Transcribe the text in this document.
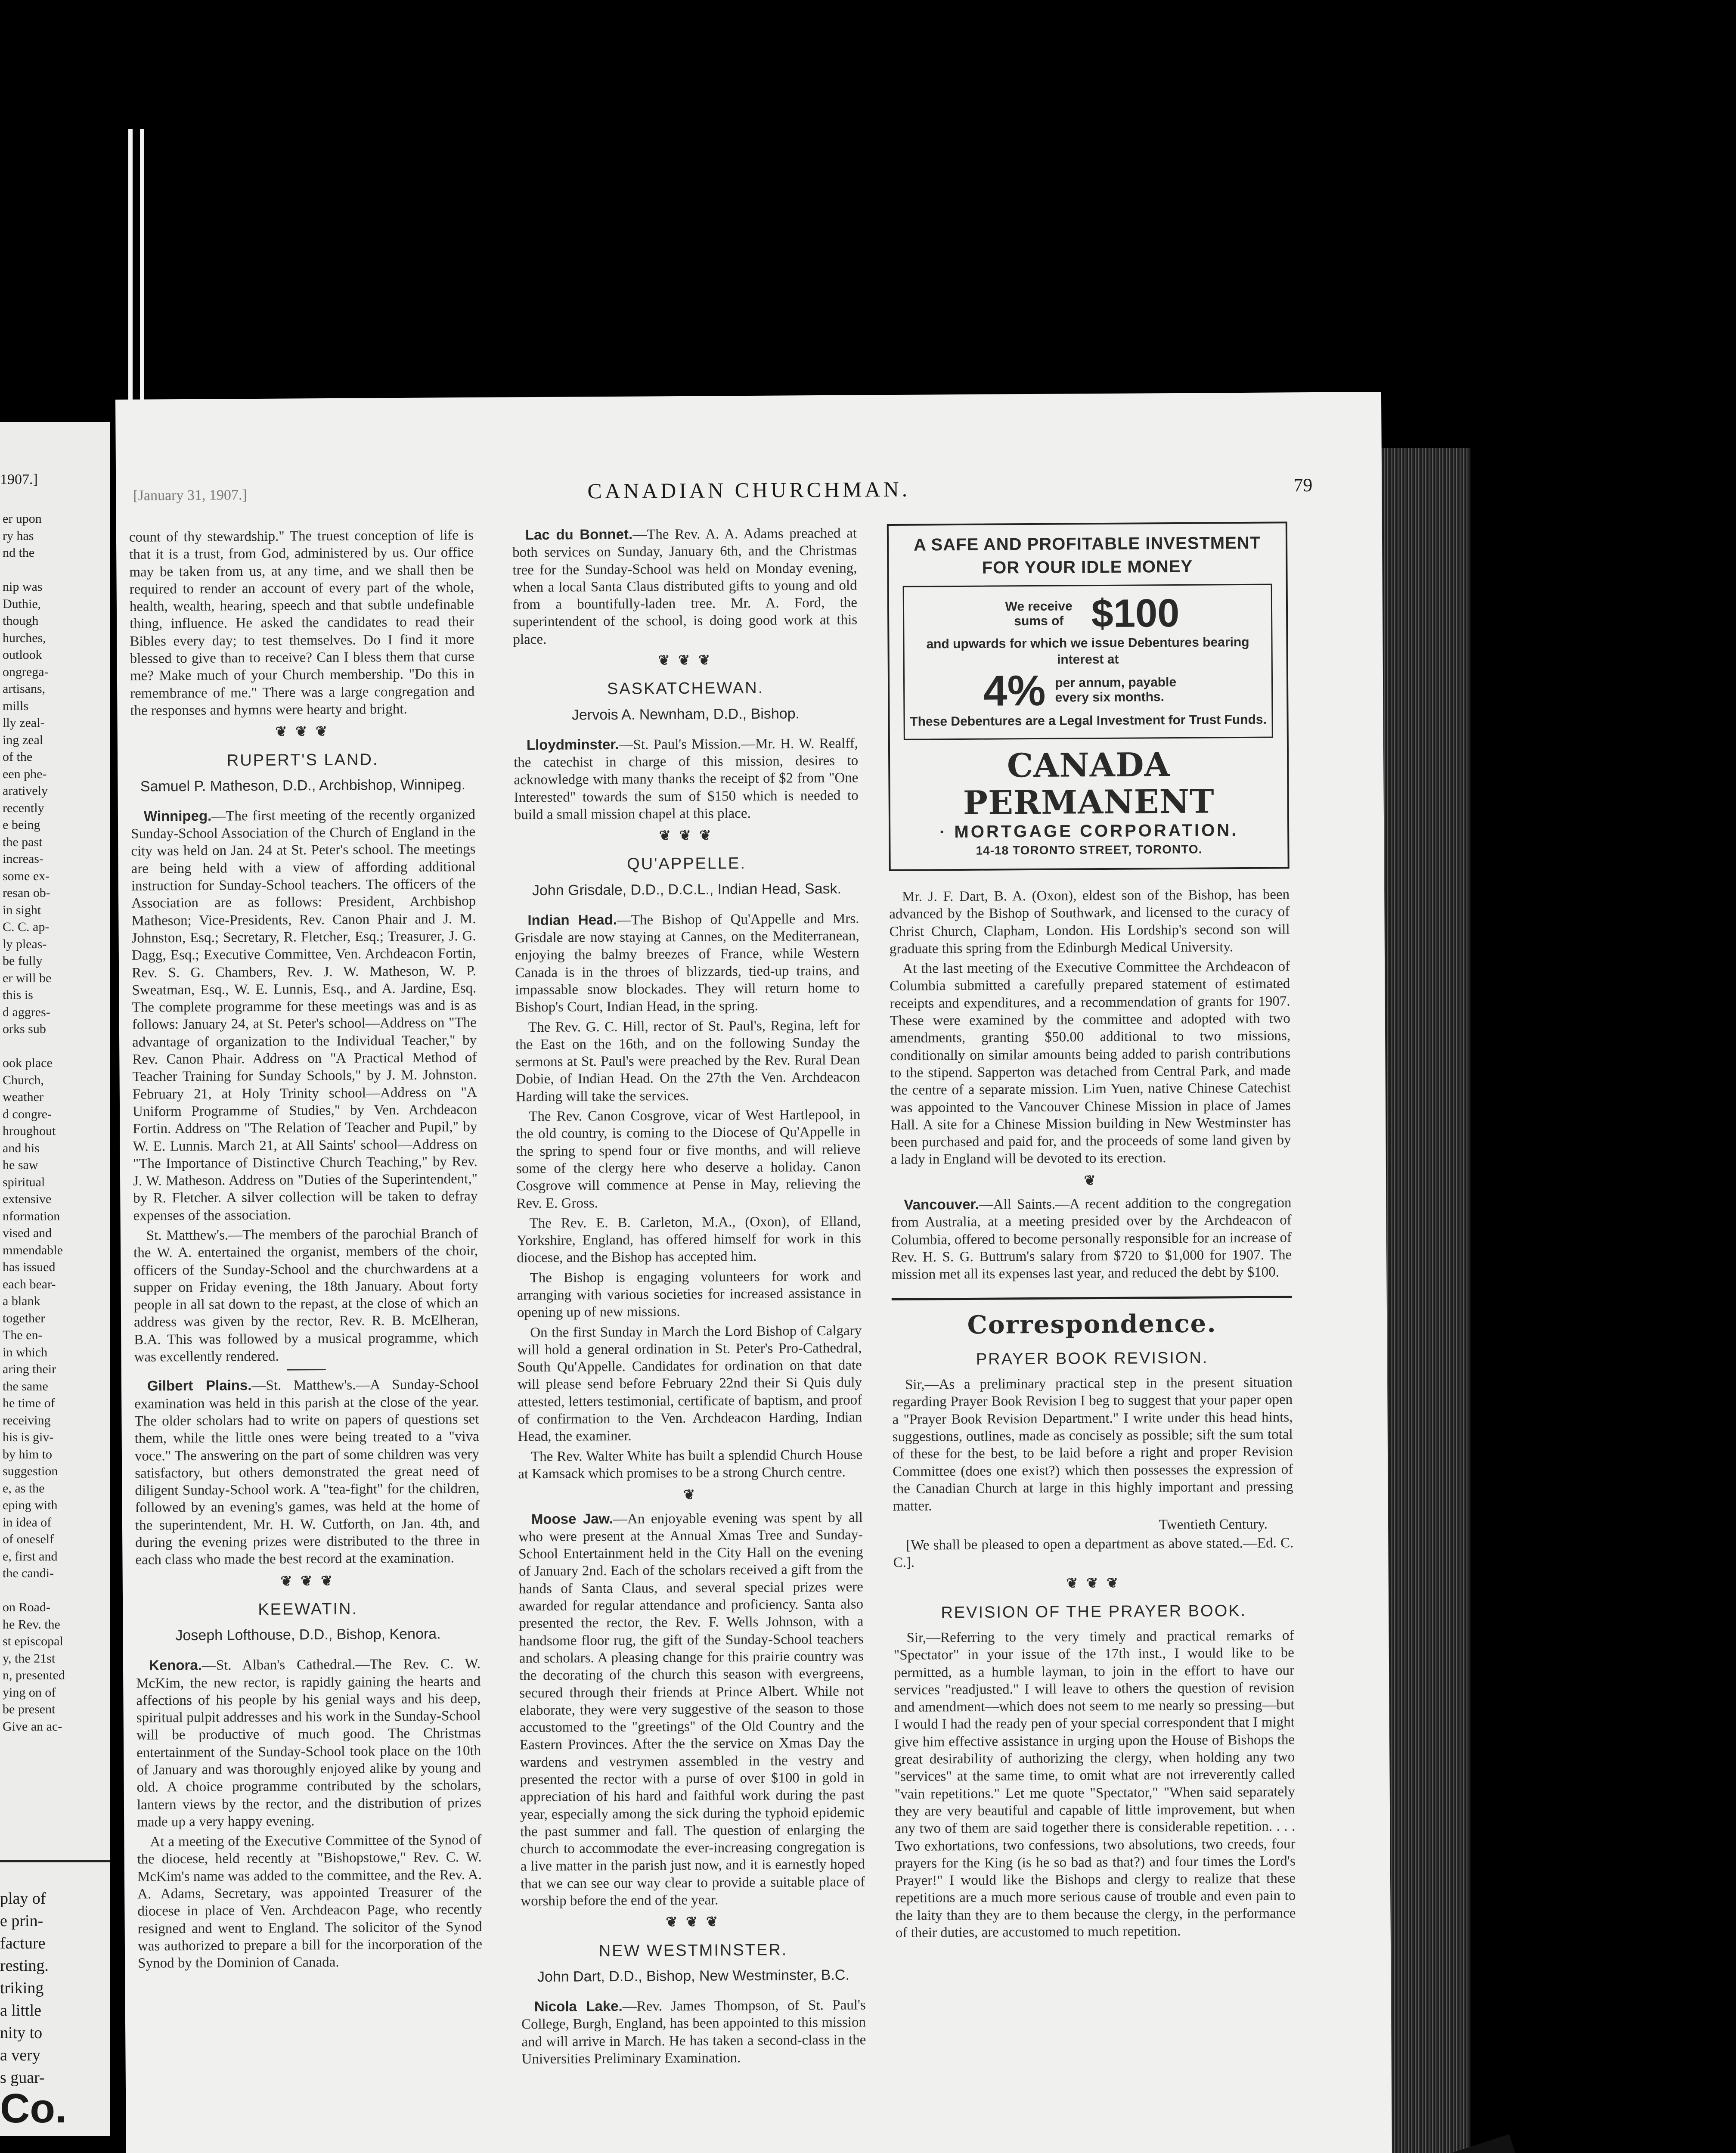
1907.]
er upon
ry has
nd the
nip was
Duthie,
though
hurches,
outlook
ongrega-
artisans,
mills
lly zeal-
ing zeal
of the
een phe-
aratively
recently
e being
the past
increas-
some ex-
resan ob-
in sight
C. C. ap-
ly pleas-
be fully
er will be
this is
d aggres-
orks sub
ook place
Church,
weather
d congre-
hroughout
and his
he saw
spiritual
extensive
nformation
vised and
mmendable
has issued
each bear-
a blank
together
The en-
in which
aring their
the same
he time of
receiving
his is giv-
by him to
suggestion
e, as the
eping with
in idea of
of oneself
e, first and
the candi-
on Road-
he Rev. the
st episcopal
y, the 21st
n, presented
ying on of
be present
Give an ac-
play of
e prin-
facture
resting.
triking
a little
nity to
a very
s guar-
Co.
[January 31, 1907.]	CANADIAN CHURCHMAN.	79

count of thy stewardship." The truest conception of life is that it is a trust, from God, administered by us. Our office may be taken from us, at any time, and we shall then be required to render an account of every part of the whole, health, wealth, hearing, speech and that subtle undefinable thing, influence. He asked the candidates to read their Bibles every day; to test themselves. Do I find it more blessed to give than to receive? Can I bless them that curse me? Make much of your Church membership. "Do this in remembrance of me." There was a large congregation and the responses and hymns were hearty and bright.

❦ ❦ ❦
RUPERT'S LAND.
Samuel P. Matheson, D.D., Archbishop, Winnipeg.

Winnipeg.—The first meeting of the recently organized Sunday-School Association of the Church of England in the city was held on Jan. 24 at St. Peter's school. The meetings are being held with a view of affording additional instruction for Sunday-School teachers. The officers of the Association are as follows: President, Archbishop Matheson; Vice-Presidents, Rev. Canon Phair and J. M. Johnston, Esq.; Secretary, R. Fletcher, Esq.; Treasurer, J. G. Dagg, Esq.; Executive Committee, Ven. Archdeacon Fortin, Rev. S. G. Chambers, Rev. J. W. Matheson, W. P. Sweatman, Esq., W. E. Lunnis, Esq., and A. Jardine, Esq. The complete programme for these meetings was and is as follows: January 24, at St. Peter's school—Address on "The advantage of organization to the Individual Teacher," by Rev. Canon Phair. Address on "A Practical Method of Teacher Training for Sunday Schools," by J. M. Johnston. February 21, at Holy Trinity school—Address on "A Uniform Programme of Studies," by Ven. Archdeacon Fortin. Address on "The Relation of Teacher and Pupil," by W. E. Lunnis. March 21, at All Saints' school—Address on "The Importance of Distinctive Church Teaching," by Rev. J. W. Matheson. Address on "Duties of the Superintendent," by R. Fletcher. A silver collection will be taken to defray expenses of the association.

St. Matthew's.—The members of the parochial Branch of the W. A. entertained the organist, members of the choir, officers of the Sunday-School and the churchwardens at a supper on Friday evening, the 18th January. About forty people in all sat down to the repast, at the close of which an address was given by the rector, Rev. R. B. McElheran, B.A. This was followed by a musical programme, which was excellently rendered.

Gilbert Plains.—St. Matthew's.—A Sunday-School examination was held in this parish at the close of the year. The older scholars had to write on papers of questions set them, while the little ones were being treated to a "viva voce." The answering on the part of some children was very satisfactory, but others demonstrated the great need of diligent Sunday-School work. A "tea-fight" for the children, followed by an evening's games, was held at the home of the superintendent, Mr. H. W. Cutforth, on Jan. 4th, and during the evening prizes were distributed to the three in each class who made the best record at the examination.

❦ ❦ ❦
KEEWATIN.
Joseph Lofthouse, D.D., Bishop, Kenora.

Kenora.—St. Alban's Cathedral.—The Rev. C. W. McKim, the new rector, is rapidly gaining the hearts and affections of his people by his genial ways and his deep, spiritual pulpit addresses and his work in the Sunday-School will be productive of much good. The Christmas entertainment of the Sunday-School took place on the 10th of January and was thoroughly enjoyed alike by young and old. A choice programme contributed by the scholars, lantern views by the rector, and the distribution of prizes made up a very happy evening.

At a meeting of the Executive Committee of the Synod of the diocese, held recently at "Bishopstowe," Rev. C. W. McKim's name was added to the committee, and the Rev. A. A. Adams, Secretary, was appointed Treasurer of the diocese in place of Ven. Archdeacon Page, who recently resigned and went to England. The solicitor of the Synod was authorized to prepare a bill for the incorporation of the Synod by the Dominion of Canada.

Lac du Bonnet.—The Rev. A. A. Adams preached at both services on Sunday, January 6th, and the Christmas tree for the Sunday-School was held on Monday evening, when a local Santa Claus distributed gifts to young and old from a bountifully-laden tree. Mr. A. Ford, the superintendent of the school, is doing good work at this place.

❦ ❦ ❦
SASKATCHEWAN.
Jervois A. Newnham, D.D., Bishop.

Lloydminster.—St. Paul's Mission.—Mr. H. W. Realff, the catechist in charge of this mission, desires to acknowledge with many thanks the receipt of $2 from "One Interested" towards the sum of $150 which is needed to build a small mission chapel at this place.

❦ ❦ ❦
QU'APPELLE.
John Grisdale, D.D., D.C.L., Indian Head, Sask.

Indian Head.—The Bishop of Qu'Appelle and Mrs. Grisdale are now staying at Cannes, on the Mediterranean, enjoying the balmy breezes of France, while Western Canada is in the throes of blizzards, tied-up trains, and impassable snow blockades. They will return home to Bishop's Court, Indian Head, in the spring.

The Rev. G. C. Hill, rector of St. Paul's, Regina, left for the East on the 16th, and on the following Sunday the sermons at St. Paul's were preached by the Rev. Rural Dean Dobie, of Indian Head. On the 27th the Ven. Archdeacon Harding will take the services.

The Rev. Canon Cosgrove, vicar of West Hartlepool, in the old country, is coming to the Diocese of Qu'Appelle in the spring to spend four or five months, and will relieve some of the clergy here who deserve a holiday. Canon Cosgrove will commence at Pense in May, relieving the Rev. E. Gross.

The Rev. E. B. Carleton, M.A., (Oxon), of Elland, Yorkshire, England, has offered himself for work in this diocese, and the Bishop has accepted him.

The Bishop is engaging volunteers for work and arranging with various societies for increased assistance in opening up of new missions.

On the first Sunday in March the Lord Bishop of Calgary will hold a general ordination in St. Peter's Pro-Cathedral, South Qu'Appelle. Candidates for ordination on that date will please send before February 22nd their Si Quis duly attested, letters testimonial, certificate of baptism, and proof of confirmation to the Ven. Archdeacon Harding, Indian Head, the examiner.

The Rev. Walter White has built a splendid Church House at Kamsack which promises to be a strong Church centre.

❦

Moose Jaw.—An enjoyable evening was spent by all who were present at the Annual Xmas Tree and Sunday-School Entertainment held in the City Hall on the evening of January 2nd. Each of the scholars received a gift from the hands of Santa Claus, and several special prizes were awarded for regular attendance and proficiency. Santa also presented the rector, the Rev. F. Wells Johnson, with a handsome floor rug, the gift of the Sunday-School teachers and scholars. A pleasing change for this prairie country was the decorating of the church this season with evergreens, secured through their friends at Prince Albert. While not elaborate, they were very suggestive of the season to those accustomed to the "greetings" of the Old Country and the Eastern Provinces. After the the service on Xmas Day the wardens and vestrymen assembled in the vestry and presented the rector with a purse of over $100 in gold in appreciation of his hard and faithful work during the past year, especially among the sick during the typhoid epidemic the past summer and fall. The question of enlarging the church to accommodate the ever-increasing congregation is a live matter in the parish just now, and it is earnestly hoped that we can see our way clear to provide a suitable place of worship before the end of the year.

❦ ❦ ❦
NEW WESTMINSTER.
John Dart, D.D., Bishop, New Westminster, B.C.

Nicola Lake.—Rev. James Thompson, of St. Paul's College, Burgh, England, has been appointed to this mission and will arrive in March. He has taken a second-class in the Universities Preliminary Examination.

A SAFE AND PROFITABLE INVESTMENT FOR YOUR IDLE MONEY
We receive sums of $100
and upwards for which we issue Debentures bearing interest at
4% per annum, payable every six months.
These Debentures are a Legal Investment for Trust Funds.
CANADA PERMANENT
· MORTGAGE CORPORATION.
14-18 TORONTO STREET, TORONTO.

Mr. J. F. Dart, B. A. (Oxon), eldest son of the Bishop, has been advanced by the Bishop of Southwark, and licensed to the curacy of Christ Church, Clapham, London. His Lordship's second son will graduate this spring from the Edinburgh Medical University.

At the last meeting of the Executive Committee the Archdeacon of Columbia submitted a carefully prepared statement of estimated receipts and expenditures, and a recommendation of grants for 1907. These were examined by the committee and adopted with two amendments, granting $50.00 additional to two missions, conditionally on similar amounts being added to parish contributions to the stipend. Sapperton was detached from Central Park, and made the centre of a separate mission. Lim Yuen, native Chinese Catechist was appointed to the Vancouver Chinese Mission in place of James Hall. A site for a Chinese Mission building in New Westminster has been purchased and paid for, and the proceeds of some land given by a lady in England will be devoted to its erection.

❦

Vancouver.—All Saints.—A recent addition to the congregation from Australia, at a meeting presided over by the Archdeacon of Columbia, offered to become personally responsible for an increase of Rev. H. S. G. Buttrum's salary from $720 to $1,000 for 1907. The mission met all its expenses last year, and reduced the debt by $100.

Correspondence.
PRAYER BOOK REVISION.

Sir,—As a preliminary practical step in the present situation regarding Prayer Book Revision I beg to suggest that your paper open a "Prayer Book Revision Department." I write under this head hints, suggestions, outlines, made as concisely as possible; sift the sum total of these for the best, to be laid before a right and proper Revision Committee (does one exist?) which then possesses the expression of the Canadian Church at large in this highly important and pressing matter.

Twentieth Century.

[We shall be pleased to open a department as above stated.—Ed. C. C.].

❦ ❦ ❦
REVISION OF THE PRAYER BOOK.

Sir,—Referring to the very timely and practical remarks of "Spectator" in your issue of the 17th inst., I would like to be permitted, as a humble layman, to join in the effort to have our services "readjusted." I will leave to others the question of revision and amendment—which does not seem to me nearly so pressing—but I would I had the ready pen of your special correspondent that I might give him effective assistance in urging upon the House of Bishops the great desirability of authorizing the clergy, when holding any two "services" at the same time, to omit what are not irreverently called "vain repetitions." Let me quote "Spectator," "When said separately they are very beautiful and capable of little improvement, but when any two of them are said together there is considerable repetition. . . . Two exhortations, two confessions, two absolutions, two creeds, four prayers for the King (is he so bad as that?) and four times the Lord's Prayer!" I would like the Bishops and clergy to realize that these repetitions are a much more serious cause of trouble and even pain to the laity than they are to them because the clergy, in the performance of their duties, are accustomed to much repetition.
